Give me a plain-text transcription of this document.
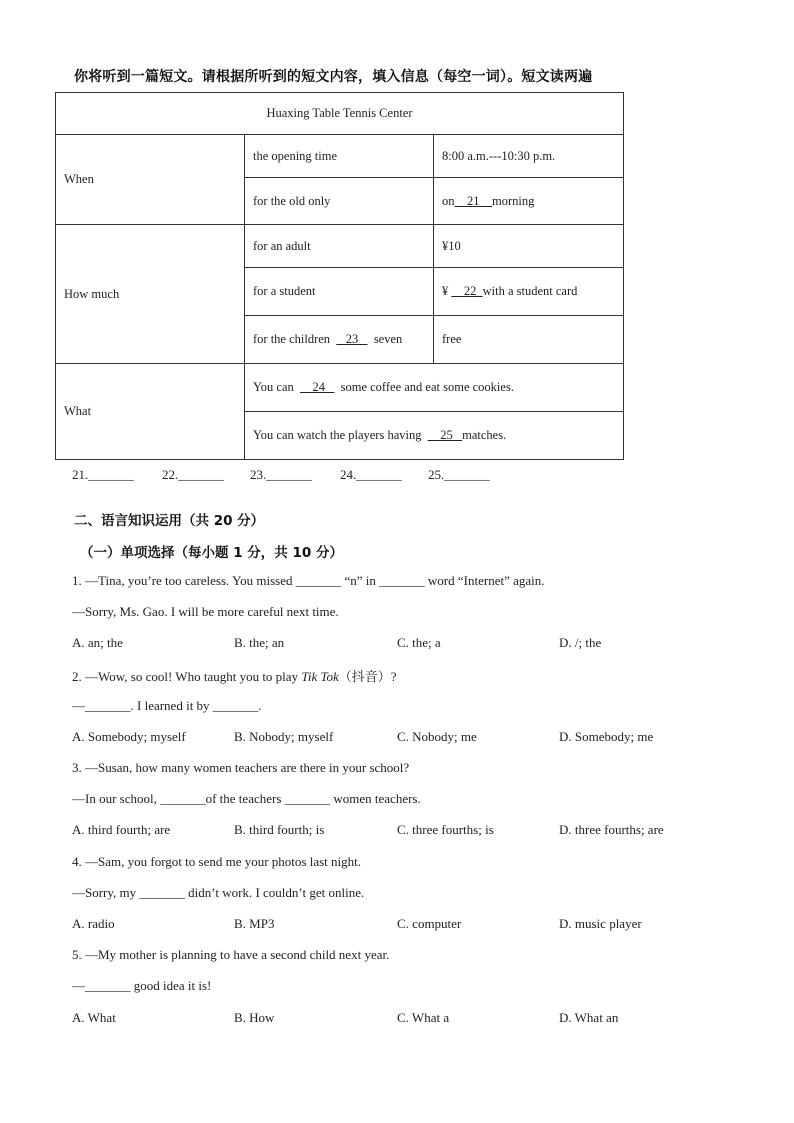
你将听到一篇短文。请根据所听到的短文内容，填入信息（每空一词）。短文读两遍
Huaxing Table Tennis Center		
When	the opening time	8:00 a.m.---10:30 p.m.
	for the old only	on 21 morning
How much	for an adult	¥10
	for a student	¥ 22 with a student card
	for the children 23 seven	free
What	You can 24 some coffee and eat some cookies.	
	You can watch the players having 25 matches.	
21._______ 22._______ 23._______ 24._______ 25._______
二、语言知识运用（共 20 分）
（一）单项选择（每小题 1 分，共 10 分）
1. —Tina, you’re too careless. You missed _______ “n” in _______ word “Internet” again.
—Sorry, Ms. Gao. I will be more careful next time.
A. an; the	B. the; an	C. the; a	D. /; the
2. —Wow, so cool! Who taught you to play Tik Tok（抖音）?
—_______. I learned it by _______.
A. Somebody; myself	B. Nobody; myself	C. Nobody; me	D. Somebody; me
3. —Susan, how many women teachers are there in your school?
—In our school, _______of the teachers _______ women teachers.
A. third fourth; are	B. third fourth; is	C. three fourths; is	D. three fourths; are
4. —Sam, you forgot to send me your photos last night.
—Sorry, my _______ didn’t work. I couldn’t get online.
A. radio	B. MP3	C. computer	D. music player
5. —My mother is planning to have a second child next year.
—_______ good idea it is!
A. What	B. How	C. What a	D. What an
